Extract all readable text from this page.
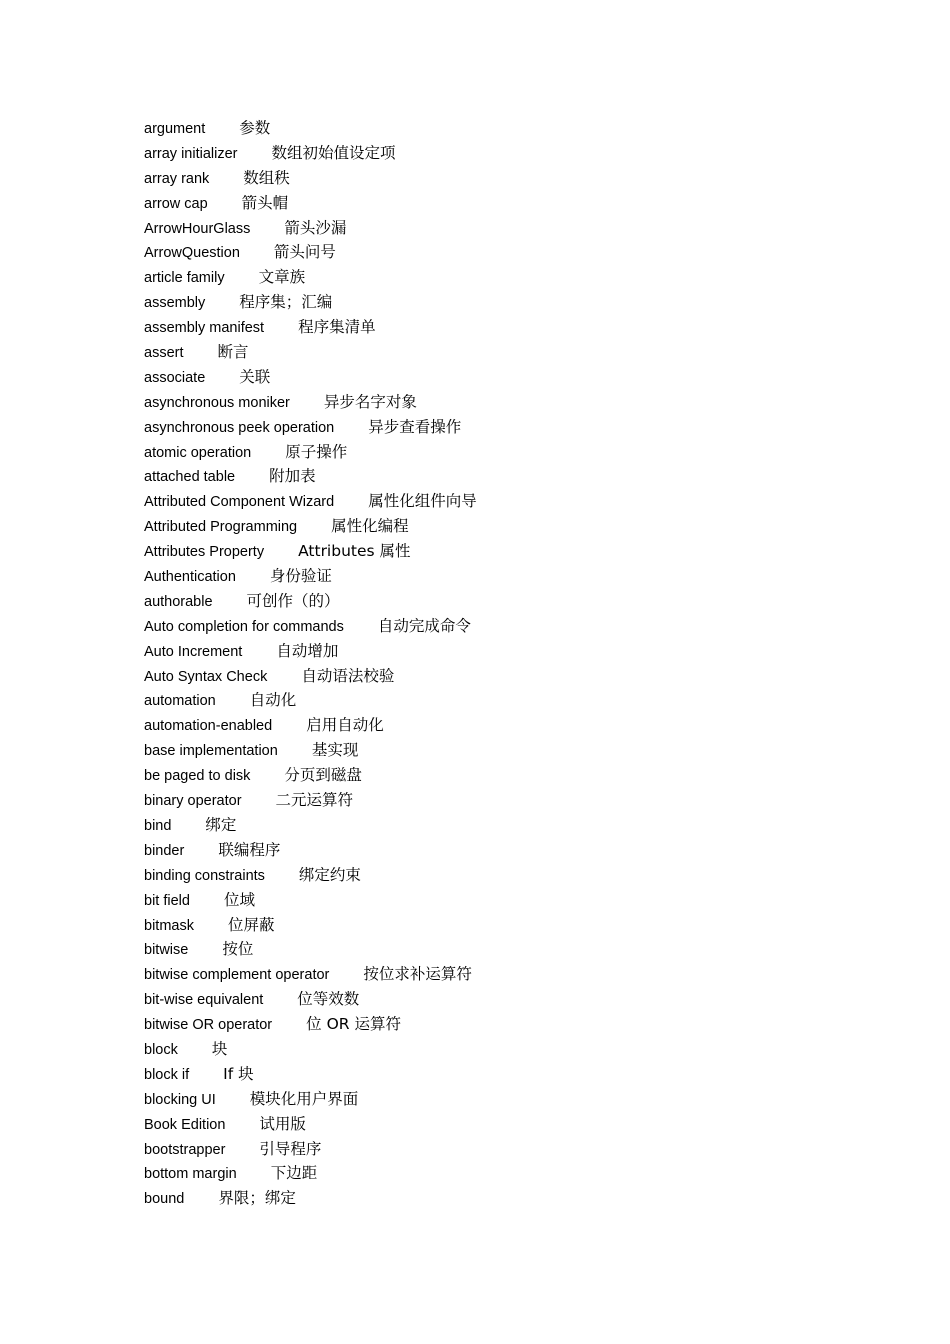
argument 参数
array initializer 数组初始值设定项
array rank 数组秩
arrow cap 箭头帽
ArrowHourGlass 箭头沙漏
ArrowQuestion 箭头问号
article family 文章族
assembly 程序集；汇编
assembly manifest 程序集清单
assert 断言
associate 关联
asynchronous moniker 异步名字对象
asynchronous peek operation 异步查看操作
atomic operation 原子操作
attached table 附加表
Attributed Component Wizard 属性化组件向导
Attributed Programming 属性化编程
Attributes Property Attributes 属性
Authentication 身份验证
authorable 可创作（的）
Auto completion for commands 自动完成命令
Auto Increment 自动增加
Auto Syntax Check 自动语法校验
automation 自动化
automation-enabled 启用自动化
base implementation 基实现
be paged to disk 分页到磁盘
binary operator 二元运算符
bind 绑定
binder 联编程序
binding constraints 绑定约束
bit field 位域
bitmask 位屏蔽
bitwise 按位
bitwise complement operator 按位求补运算符
bit-wise equivalent 位等效数
bitwise OR operator 位 OR 运算符
block 块
block if If 块
blocking UI 模块化用户界面
Book Edition 试用版
bootstrapper 引导程序
bottom margin 下边距
bound 界限；绑定
